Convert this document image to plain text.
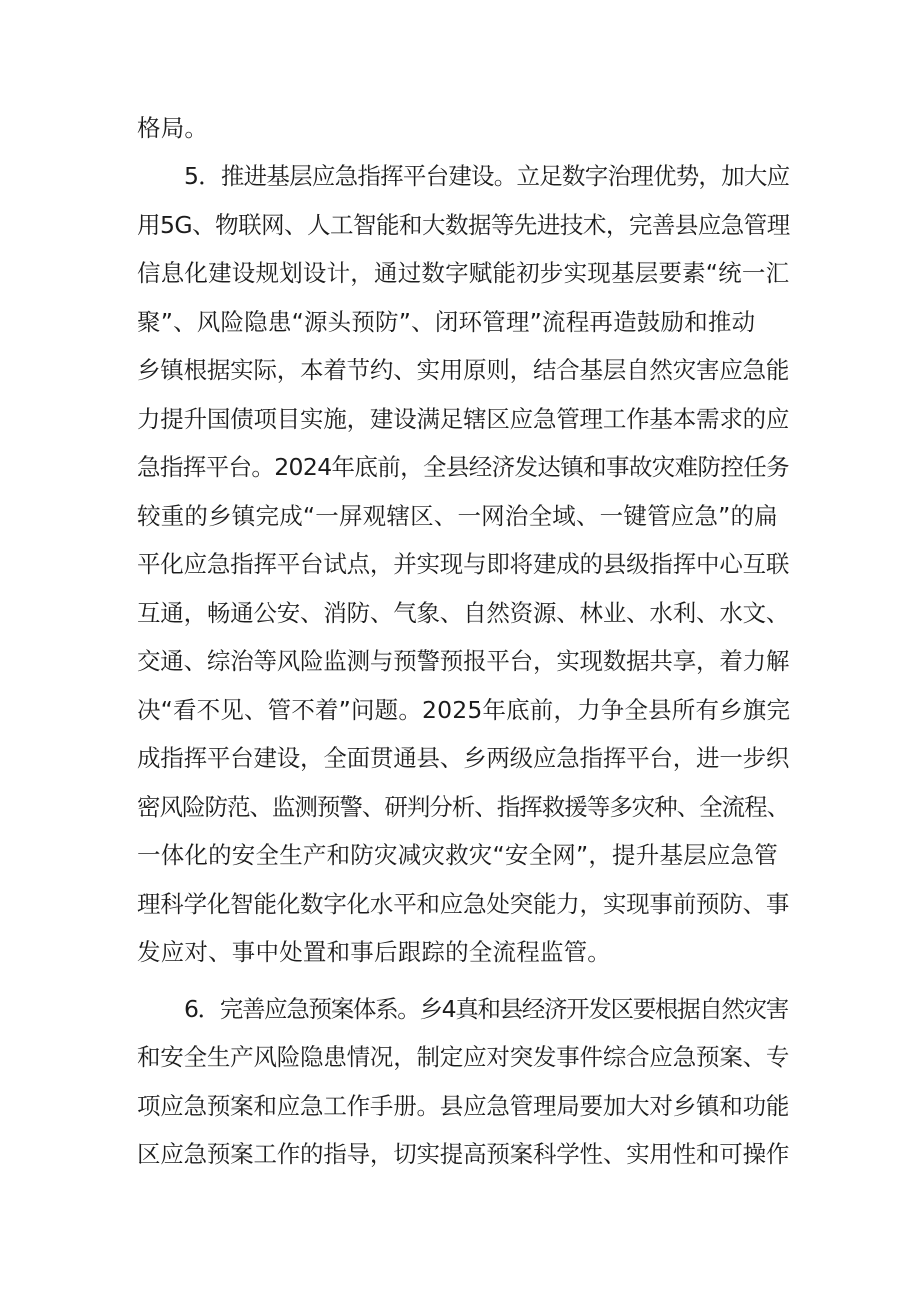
格局。
5．推进基层应急指挥平台建设。立足数字治理优势，加大应
用5G、物联网、人工智能和大数据等先进技术，完善县应急管理
信息化建设规划设计，通过数字赋能初步实现基层要素“统一汇
聚”、风险隐患“源头预防”、闭环管理”流程再造鼓励和推动
乡镇根据实际，本着节约、实用原则，结合基层自然灾害应急能
力提升国债项目实施，建设满足辖区应急管理工作基本需求的应
急指挥平台。2024年底前，全县经济发达镇和事故灾难防控任务
较重的乡镇完成“一屏观辖区、一网治全域、一键管应急”的扁
平化应急指挥平台试点，并实现与即将建成的县级指挥中心互联
互通，畅通公安、消防、气象、自然资源、林业、水利、水文、
交通、综治等风险监测与预警预报平台，实现数据共享，着力解
决“看不见、管不着”问题。2025年底前，力争全县所有乡旗完
成指挥平台建设，全面贯通县、乡两级应急指挥平台，进一步织
密风险防范、监测预警、研判分析、指挥救援等多灾种、全流程、
一体化的安全生产和防灾减灾救灾“安全网”，提升基层应急管
理科学化智能化数字化水平和应急处突能力，实现事前预防、事
发应对、事中处置和事后跟踪的全流程监管。
6．完善应急预案体系。乡4真和县经济开发区要根据自然灾害
和安全生产风险隐患情况，制定应对突发事件综合应急预案、专
项应急预案和应急工作手册。县应急管理局要加大对乡镇和功能
区应急预案工作的指导，切实提高预案科学性、实用性和可操作
